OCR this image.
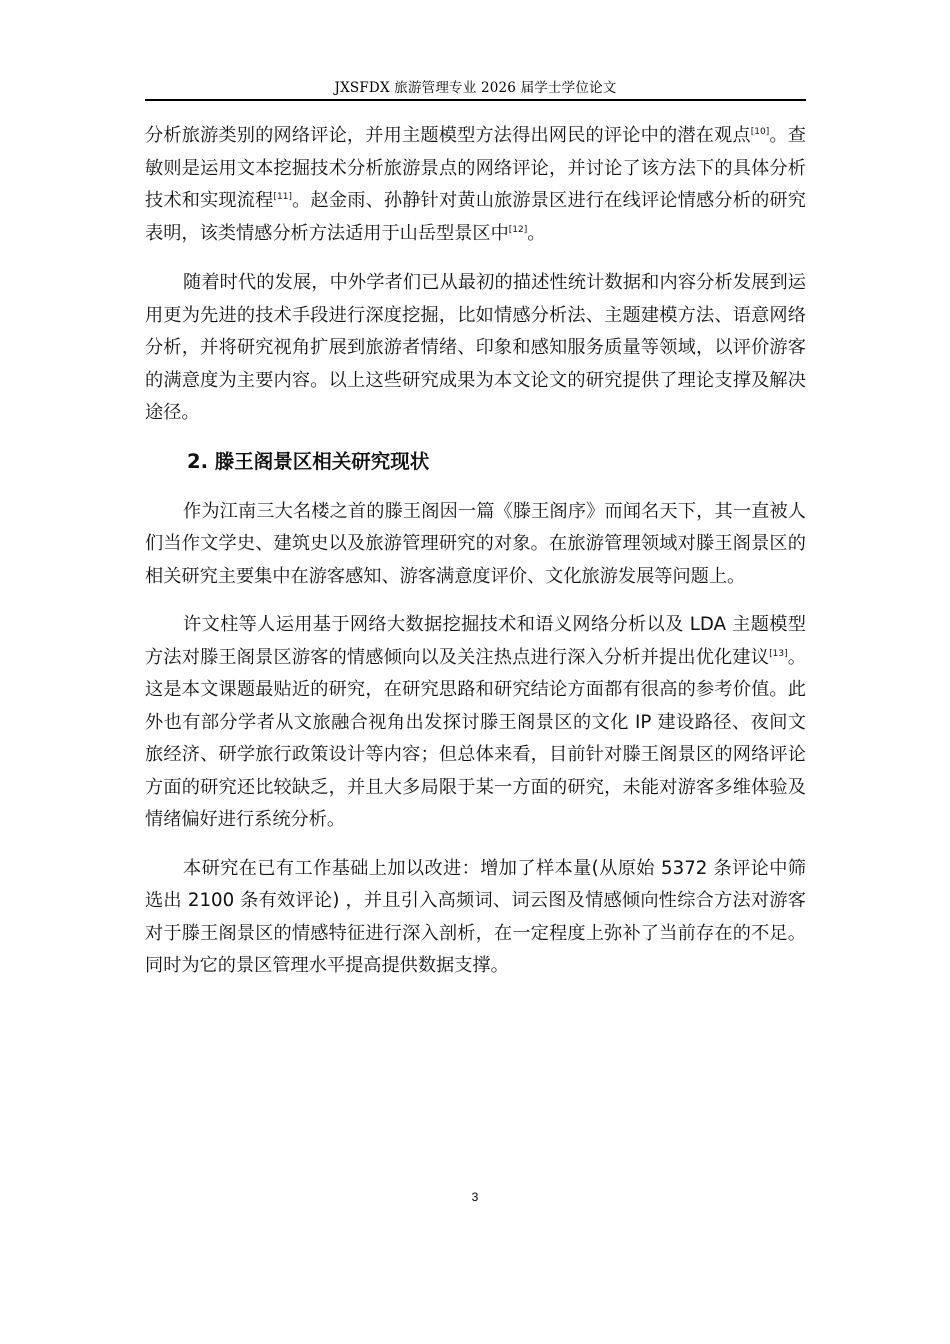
JXSFDX 旅游管理专业 2026 届学士学位论文

分析旅游类别的网络评论，并用主题模型方法得出网民的评论中的潜在观点[10]。查敏则是运用文本挖掘技术分析旅游景点的网络评论，并讨论了该方法下的具体分析技术和实现流程[11]。赵金雨、孙静针对黄山旅游景区进行在线评论情感分析的研究表明，该类情感分析方法适用于山岳型景区中[12]。

随着时代的发展，中外学者们已从最初的描述性统计数据和内容分析发展到运用更为先进的技术手段进行深度挖掘，比如情感分析法、主题建模方法、语意网络分析，并将研究视角扩展到旅游者情绪、印象和感知服务质量等领域，以评价游客的满意度为主要内容。以上这些研究成果为本文论文的研究提供了理论支撑及解决途径。

2. 滕王阁景区相关研究现状

作为江南三大名楼之首的滕王阁因一篇《滕王阁序》而闻名天下，其一直被人们当作文学史、建筑史以及旅游管理研究的对象。在旅游管理领域对滕王阁景区的相关研究主要集中在游客感知、游客满意度评价、文化旅游发展等问题上。

许文柱等人运用基于网络大数据挖掘技术和语义网络分析以及 LDA 主题模型方法对滕王阁景区游客的情感倾向以及关注热点进行深入分析并提出优化建议[13]。这是本文课题最贴近的研究，在研究思路和研究结论方面都有很高的参考价值。此外也有部分学者从文旅融合视角出发探讨滕王阁景区的文化 IP 建设路径、夜间文旅经济、研学旅行政策设计等内容；但总体来看，目前针对滕王阁景区的网络评论方面的研究还比较缺乏，并且大多局限于某一方面的研究，未能对游客多维体验及情绪偏好进行系统分析。

本研究在已有工作基础上加以改进：增加了样本量(从原始 5372 条评论中筛选出 2100 条有效评论) ，并且引入高频词、词云图及情感倾向性综合方法对游客对于滕王阁景区的情感特征进行深入剖析，在一定程度上弥补了当前存在的不足。同时为它的景区管理水平提高提供数据支撑。

3
